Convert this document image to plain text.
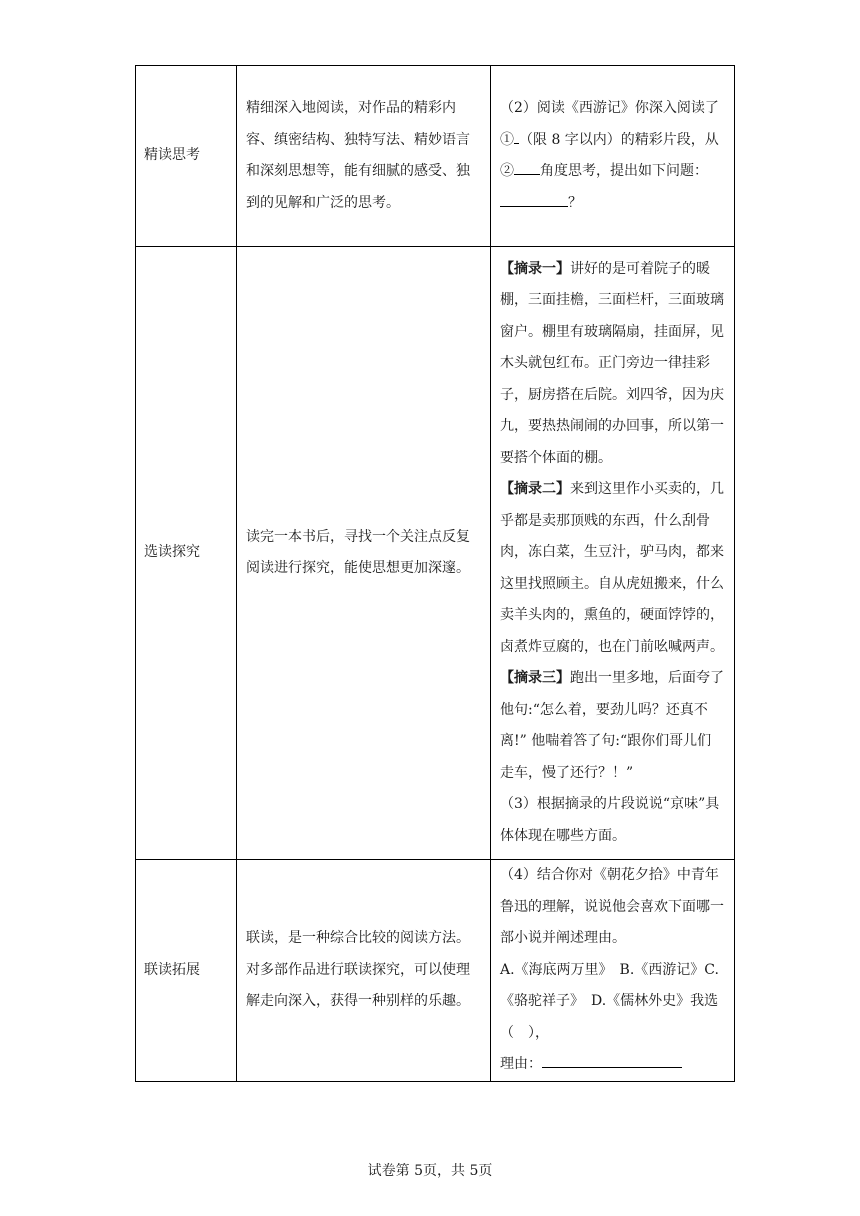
精读思考	精细深入地阅读，对作品的精彩内容、缜密结构、独特写法、精妙语言和深刻思想等，能有细腻的感受、独到的见解和广泛的思考。	（2）阅读《西游记》你深入阅读了① （限 8 字以内）的精彩片段，从② 角度思考，提出如下问题：？
选读探究	读完一本书后，寻找一个关注点反复阅读进行探究，能使思想更加深邃。	【摘录一】讲好的是可着院子的暖棚，三面挂檐，三面栏杆，三面玻璃窗户。棚里有玻璃隔扇，挂面屏，见木头就包红布。正门旁边一律挂彩子，厨房搭在后院。刘四爷，因为庆九，要热热闹闹的办回事，所以第一要搭个体面的棚。
【摘录二】来到这里作小买卖的，几乎都是卖那顶贱的东西，什么刮骨肉，冻白菜，生豆汁，驴马肉，都来这里找照顾主。自从虎妞搬来，什么卖羊头肉的，熏鱼的，硬面饽饽的，卤煮炸豆腐的，也在门前吆喊两声。
【摘录三】跑出一里多地，后面夸了他句:“怎么着，要劲儿吗？还真不离!” 他喘着答了句:“跟你们哥儿们走车，慢了还行？！”
（3）根据摘录的片段说说“京味”具体体现在哪些方面。

联读拓展	联读，是一种综合比较的阅读方法。对多部作品进行联读探究，可以使理解走向深入，获得一种别样的乐趣。	（4）结合你对《朝花夕拾》中青年鲁迅的理解，说说他会喜欢下面哪一部小说并阐述理由。
A.《海底两万里》　B.《西游记》C.《骆驼祥子》　D.《儒林外史》我选（　），
理由：
试卷第 5页，共 5页
